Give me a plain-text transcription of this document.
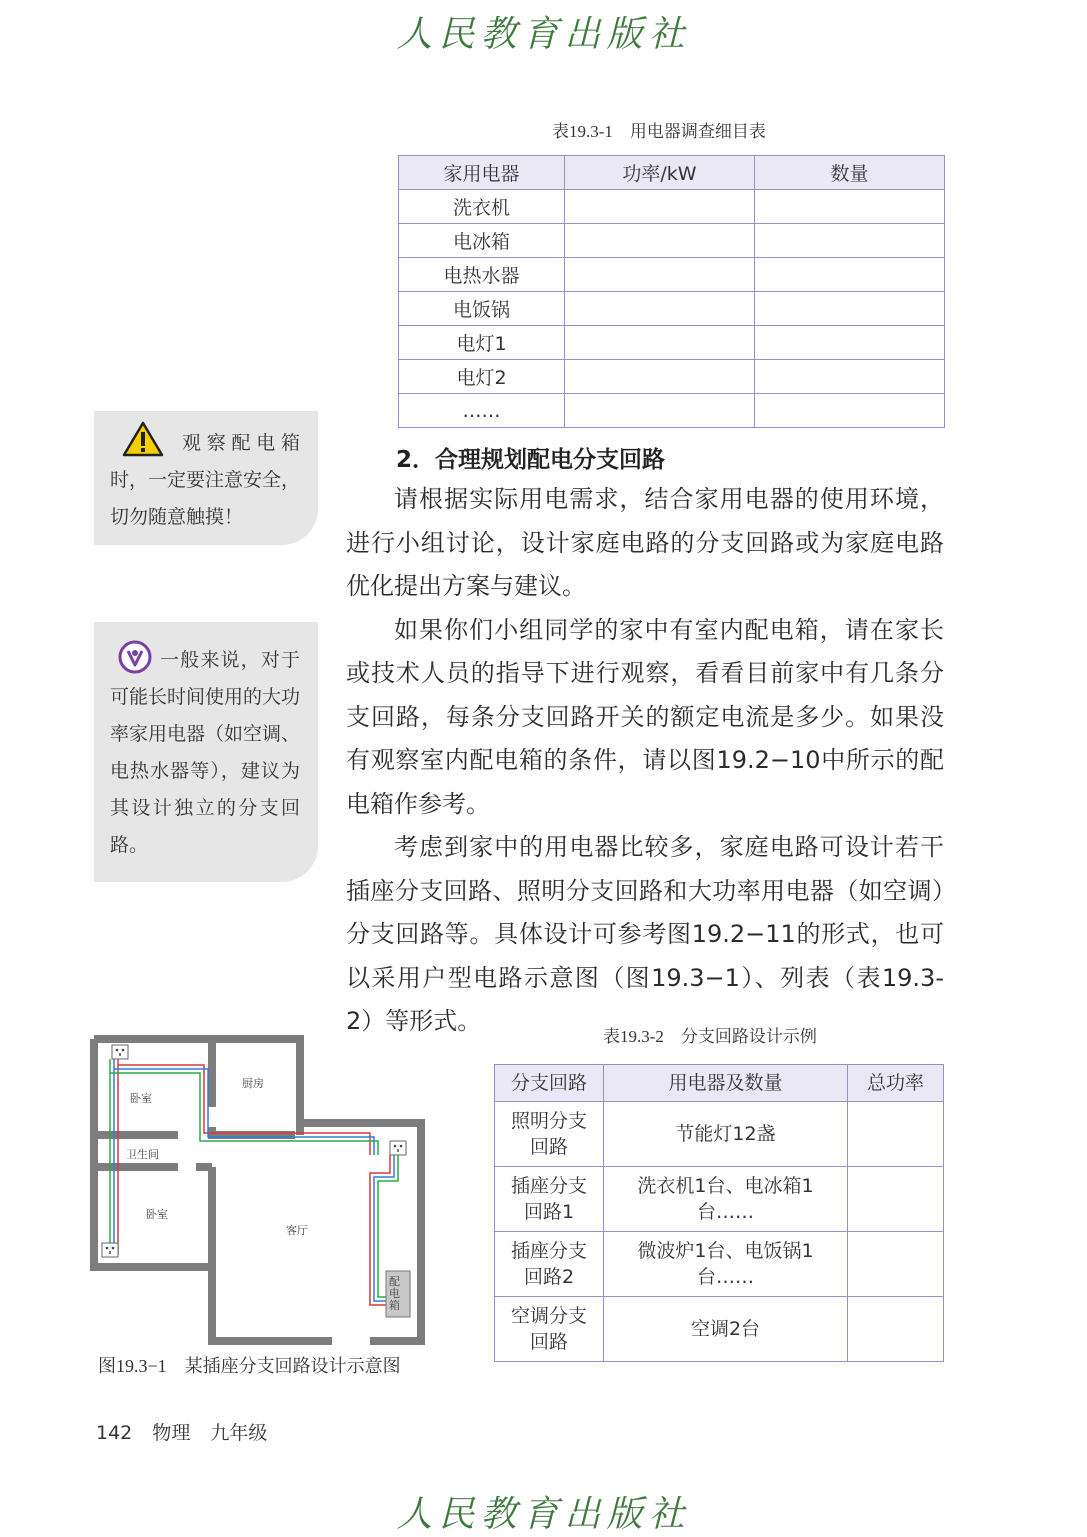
人民教育出版社
表19.3-1　用电器调查细目表
家用电器	功率/kW	数量
洗衣机		
电冰箱		
电热水器		
电饭锅		
电灯1		
电灯2		
……		
观察配电箱时，一定要注意安全，切勿随意触摸！
一般来说，对于可能长时间使用的大功率家用电器（如空调、电热水器等），建议为其设计独立的分支回路。
2．合理规划配电分支回路

请根据实际用电需求，结合家用电器的使用环境，进行小组讨论，设计家庭电路的分支回路或为家庭电路优化提出方案与建议。

如果你们小组同学的家中有室内配电箱，请在家长或技术人员的指导下进行观察，看看目前家中有几条分支回路，每条分支回路开关的额定电流是多少。如果没有观察室内配电箱的条件，请以图19.2−10中所示的配电箱作参考。

考虑到家中的用电器比较多，家庭电路可设计若干插座分支回路、照明分支回路和大功率用电器（如空调）分支回路等。具体设计可参考图19.2−11的形式，也可以采用户型电路示意图（图19.3−1）、列表（表19.3-2）等形式。

卧室
厨房
卫生间
卧室
客厅
配电箱
图19.3−1　某插座分支回路设计示意图
表19.3-2　分支回路设计示例
分支回路	用电器及数量	总功率
照明分支回路	节能灯12盏	
插座分支回路1	洗衣机1台、电冰箱1台……	
插座分支回路2	微波炉1台、电饭锅1台……	
空调分支回路	空调2台	
142 物理 九年级
人民教育出版社
